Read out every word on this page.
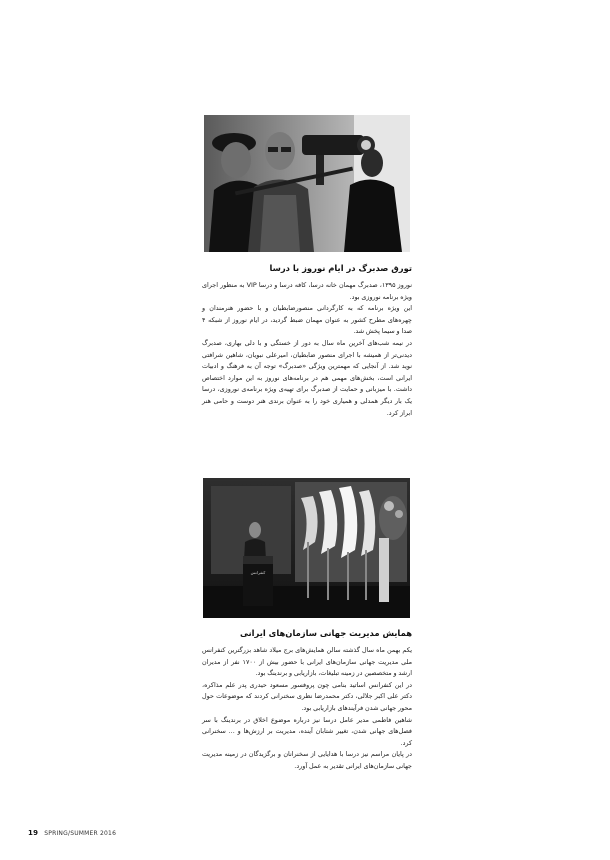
تورق صدبرگ در ایام نوروز با درسا

نوروز ۱۳۹۵، صدبرگ مهمان خانه درسا، کافه درسا و درسا VIP به منظور اجرای ویژه برنامه نوروزی بود.

این ویژه برنامه که به کارگردانی منصورضابطیان و با حضور هنرمندان و چهره‌های مطرح کشور به عنوان مهمان ضبط گردید، در ایام نوروز از شبکه ۴ صدا و سیما پخش شد.

در نیمه شب‌های آخرین ماه سال به دور از خستگی و با دلی بهاری، صدبرگ دیدنی‌تر از همیشه با اجرای منصور ضابطیان، امیرعلی نبویان، شاهین شرافتی نوید شد. از آنجایی که مهمترین ویژگی «صدبرگ» توجه آن به فرهنگ و ادبیات ایرانی است، بخش‌های مهمی هم در برنامه‌های نوروز به این موارد اختصاص داشت. با میزبانی و حمایت از صدبرگ برای تهیه‌ی ویژه برنامه‌ی نوروزی، درسا یک بار دیگر همدلی و همیاری خود را به عنوان برندی هنر دوست و حامی هنر ابراز کرد.

کنفرانس
همایش مدیریت جهانی سازمان‌های ایرانی

یکم بهمن ماه سال گذشته سالن همایش‌های برج میلاد شاهد بزرگترین کنفرانس ملی مدیریت جهانی سازمان‌های ایرانی با حضور بیش از ۱۷۰۰ نفر از مدیران ارشد و متخصصین در زمینه تبلیغات، بازاریابی و برندینگ بود.

در این کنفرانس اساتید بنامی چون پروفسور مسعود حیدری پدر علم مذاکره، دکتر علی اکبر جلالی، دکتر محمدرضا نظری سخنرانی کردند که موضوعات حول محور جهانی شدن فرآیندهای بازاریابی بود.

شاهین فاطمی مدیر عامل درسا نیز درباره موضوع اخلاق در برندینگ با سر فصل‌های جهانی شدن، تغییر شتابان آینده، مدیریت بر ارزش‌ها و ... سخنرانی کرد.

در پایان مراسم نیز درسا با هدایایی از سخنرانان و برگزیدگان در زمینه مدیریت جهانی سازمان‌های ایرانی تقدیر به عمل آورد.

19 SPRING/SUMMER 2016
